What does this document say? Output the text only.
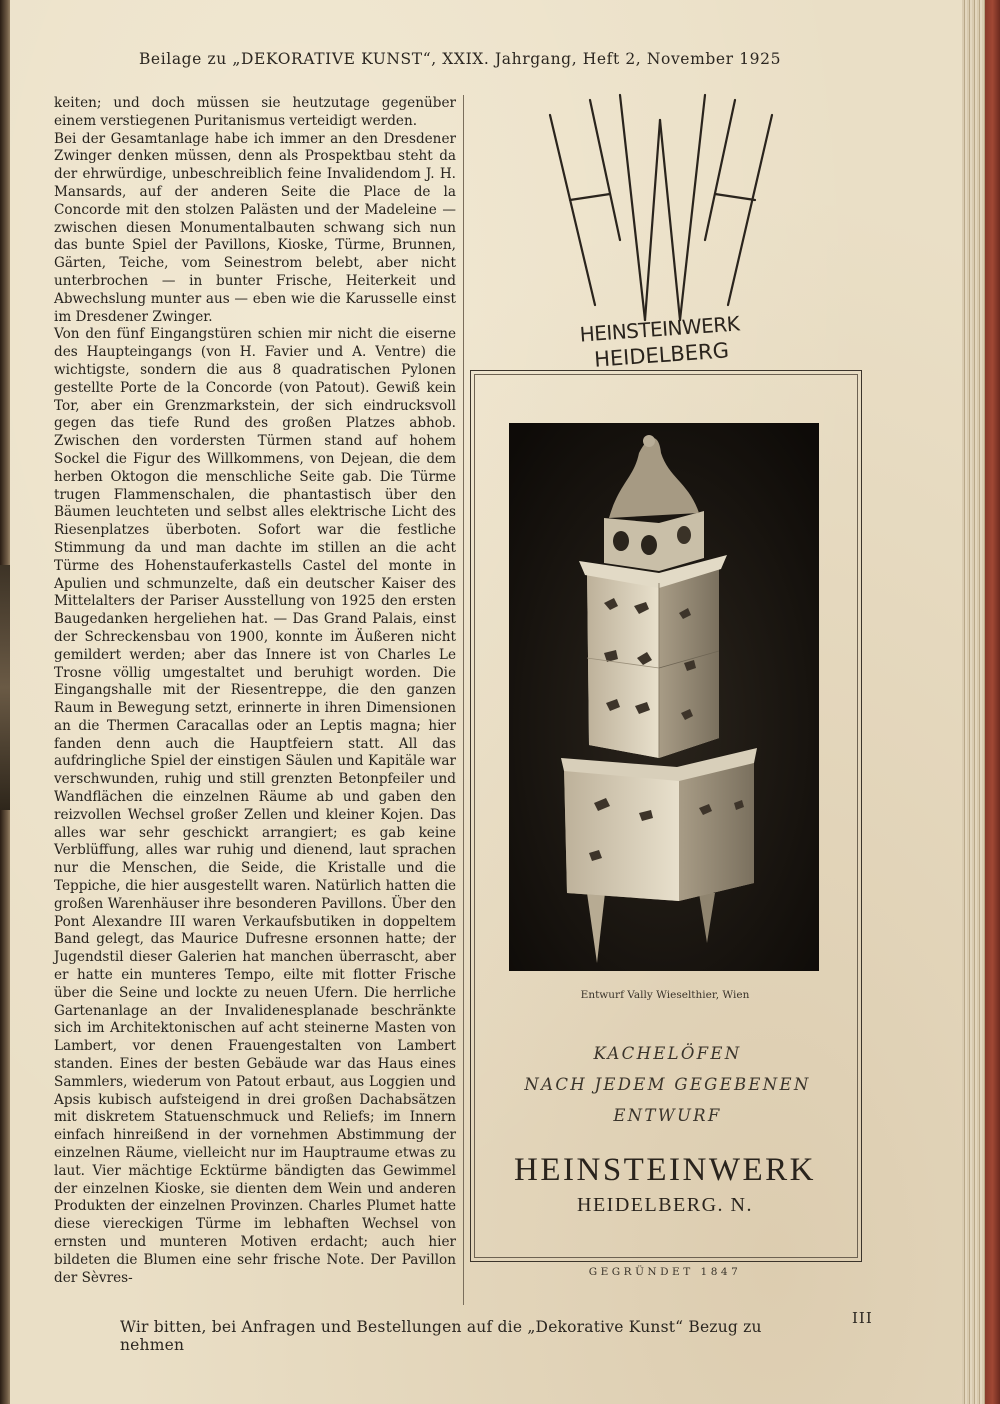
Beilage zu „DEKORATIVE KUNST“, XXIX. Jahrgang, Heft 2, November 1925

keiten; und doch müssen sie heutzutage gegenüber einem verstiegenen Puritanismus verteidigt werden.

Bei der Gesamtanlage habe ich immer an den Dresdener Zwinger denken müssen, denn als Prospektbau steht da der ehrwürdige, unbeschreiblich feine Invalidendom J. H. Mansards, auf der anderen Seite die Place de la Concorde mit den stolzen Palästen und der Madeleine — zwischen diesen Monumentalbauten schwang sich nun das bunte Spiel der Pavillons, Kioske, Türme, Brunnen, Gärten, Teiche, vom Seinestrom belebt, aber nicht unterbrochen — in bunter Frische, Heiterkeit und Abwechslung munter aus — eben wie die Karusselle einst im Dresdener Zwinger.

Von den fünf Eingangstüren schien mir nicht die eiserne des Haupteingangs (von H. Favier und A. Ventre) die wichtigste, sondern die aus 8 quadratischen Pylonen gestellte Porte de la Concorde (von Patout). Gewiß kein Tor, aber ein Grenzmarkstein, der sich eindrucksvoll gegen das tiefe Rund des großen Platzes abhob. Zwischen den vordersten Türmen stand auf hohem Sockel die Figur des Willkommens, von Dejean, die dem herben Oktogon die menschliche Seite gab. Die Türme trugen Flammenschalen, die phantastisch über den Bäumen leuchteten und selbst alles elektrische Licht des Riesenplatzes überboten. Sofort war die festliche Stimmung da und man dachte im stillen an die acht Türme des Hohenstauferkastells Castel del monte in Apulien und schmunzelte, daß ein deutscher Kaiser des Mittelalters der Pariser Ausstellung von 1925 den ersten Baugedanken hergeliehen hat. — Das Grand Palais, einst der Schreckensbau von 1900, konnte im Äußeren nicht gemildert werden; aber das Innere ist von Charles Le Trosne völlig umgestaltet und beruhigt worden. Die Eingangshalle mit der Riesentreppe, die den ganzen Raum in Bewegung setzt, erinnerte in ihren Dimensionen an die Thermen Caracallas oder an Leptis magna; hier fanden denn auch die Hauptfeiern statt. All das aufdringliche Spiel der einstigen Säulen und Kapitäle war verschwunden, ruhig und still grenzten Betonpfeiler und Wandflächen die einzelnen Räume ab und gaben den reizvollen Wechsel großer Zellen und kleiner Kojen. Das alles war sehr geschickt arrangiert; es gab keine Verblüffung, alles war ruhig und dienend, laut sprachen nur die Menschen, die Seide, die Kristalle und die Teppiche, die hier ausgestellt waren. Natürlich hatten die großen Warenhäuser ihre besonderen Pavillons. Über den Pont Alexandre III waren Verkaufsbutiken in doppeltem Band gelegt, das Maurice Dufresne ersonnen hatte; der Jugendstil dieser Galerien hat manchen überrascht, aber er hatte ein munteres Tempo, eilte mit flotter Frische über die Seine und lockte zu neuen Ufern. Die herrliche Gartenanlage an der Invalidenesplanade beschränkte sich im Architektonischen auf acht steinerne Masten von Lambert, vor denen Frauengestalten von Lambert standen. Eines der besten Gebäude war das Haus eines Sammlers, wiederum von Patout erbaut, aus Loggien und Apsis kubisch aufsteigend in drei großen Dachabsätzen mit diskretem Statuenschmuck und Reliefs; im Innern einfach hinreißend in der vornehmen Abstimmung der einzelnen Räume, vielleicht nur im Hauptraume etwas zu laut. Vier mächtige Ecktürme bändigten das Gewimmel der einzelnen Kioske, sie dienten dem Wein und anderen Produkten der einzelnen Provinzen. Charles Plumet hatte diese viereckigen Türme im lebhaften Wechsel von ernsten und munteren Motiven erdacht; auch hier bildeten die Blumen eine sehr frische Note. Der Pavillon der Sèvres-

HEINSTEINWERK
HEIDELBERG
Entwurf Vally Wieselthier, Wien
KACHELÖFEN
NACH JEDEM GEGEBENEN
ENTWURF
HEINSTEINWERK
HEIDELBERG. N.
GEGRÜNDET 1847
Wir bitten, bei Anfragen und Bestellungen auf die „Dekorative Kunst“ Bezug zu nehmen
III
